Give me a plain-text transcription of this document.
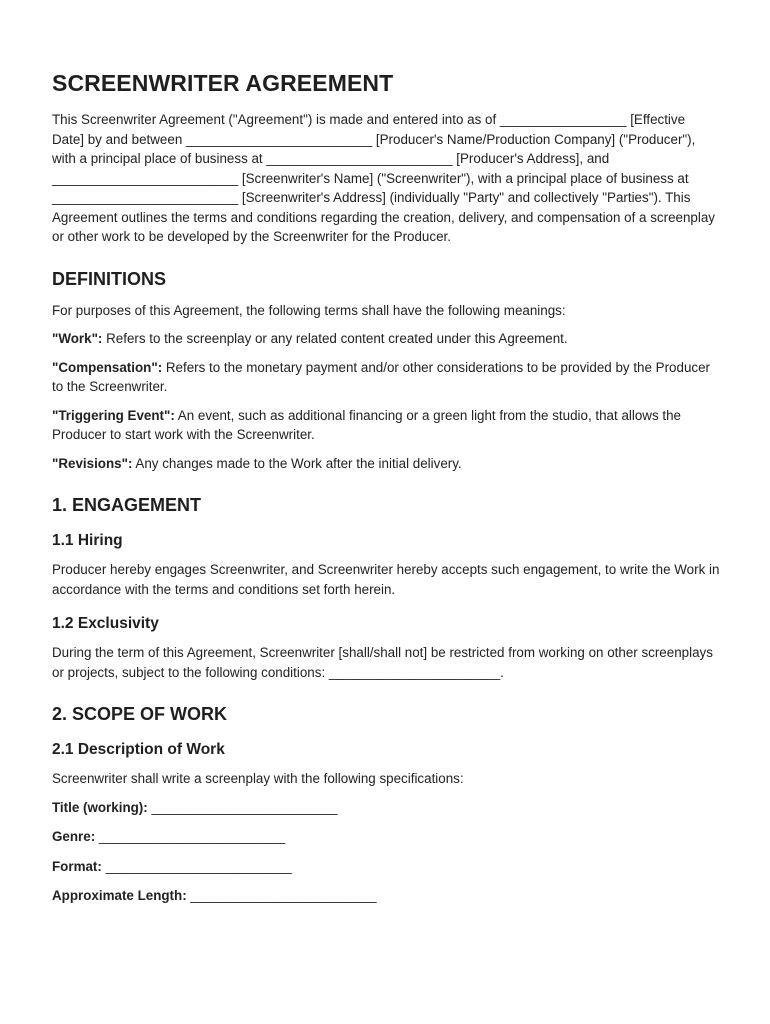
SCREENWRITER AGREEMENT

This Screenwriter Agreement ("Agreement") is made and entered into as of _________________ [Effective Date] by and between _________________________ [Producer's Name/Production Company] ("Producer"), with a principal place of business at _________________________ [Producer's Address], and _________________________ [Screenwriter's Name] ("Screenwriter"), with a principal place of business at _________________________ [Screenwriter's Address] (individually "Party" and collectively "Parties"). This Agreement outlines the terms and conditions regarding the creation, delivery, and compensation of a screenplay or other work to be developed by the Screenwriter for the Producer.

DEFINITIONS

For purposes of this Agreement, the following terms shall have the following meanings:

"Work": Refers to the screenplay or any related content created under this Agreement.

"Compensation": Refers to the monetary payment and/or other considerations to be provided by the Producer to the Screenwriter.

"Triggering Event": An event, such as additional financing or a green light from the studio, that allows the Producer to start work with the Screenwriter.

"Revisions": Any changes made to the Work after the initial delivery.

1. ENGAGEMENT
1.1 Hiring

Producer hereby engages Screenwriter, and Screenwriter hereby accepts such engagement, to write the Work in accordance with the terms and conditions set forth herein.

1.2 Exclusivity

During the term of this Agreement, Screenwriter [shall/shall not] be restricted from working on other screenplays or projects, subject to the following conditions: _______________________.

2. SCOPE OF WORK
2.1 Description of Work

Screenwriter shall write a screenplay with the following specifications:

Title (working): _________________________

Genre: _________________________

Format: _________________________

Approximate Length: _________________________
